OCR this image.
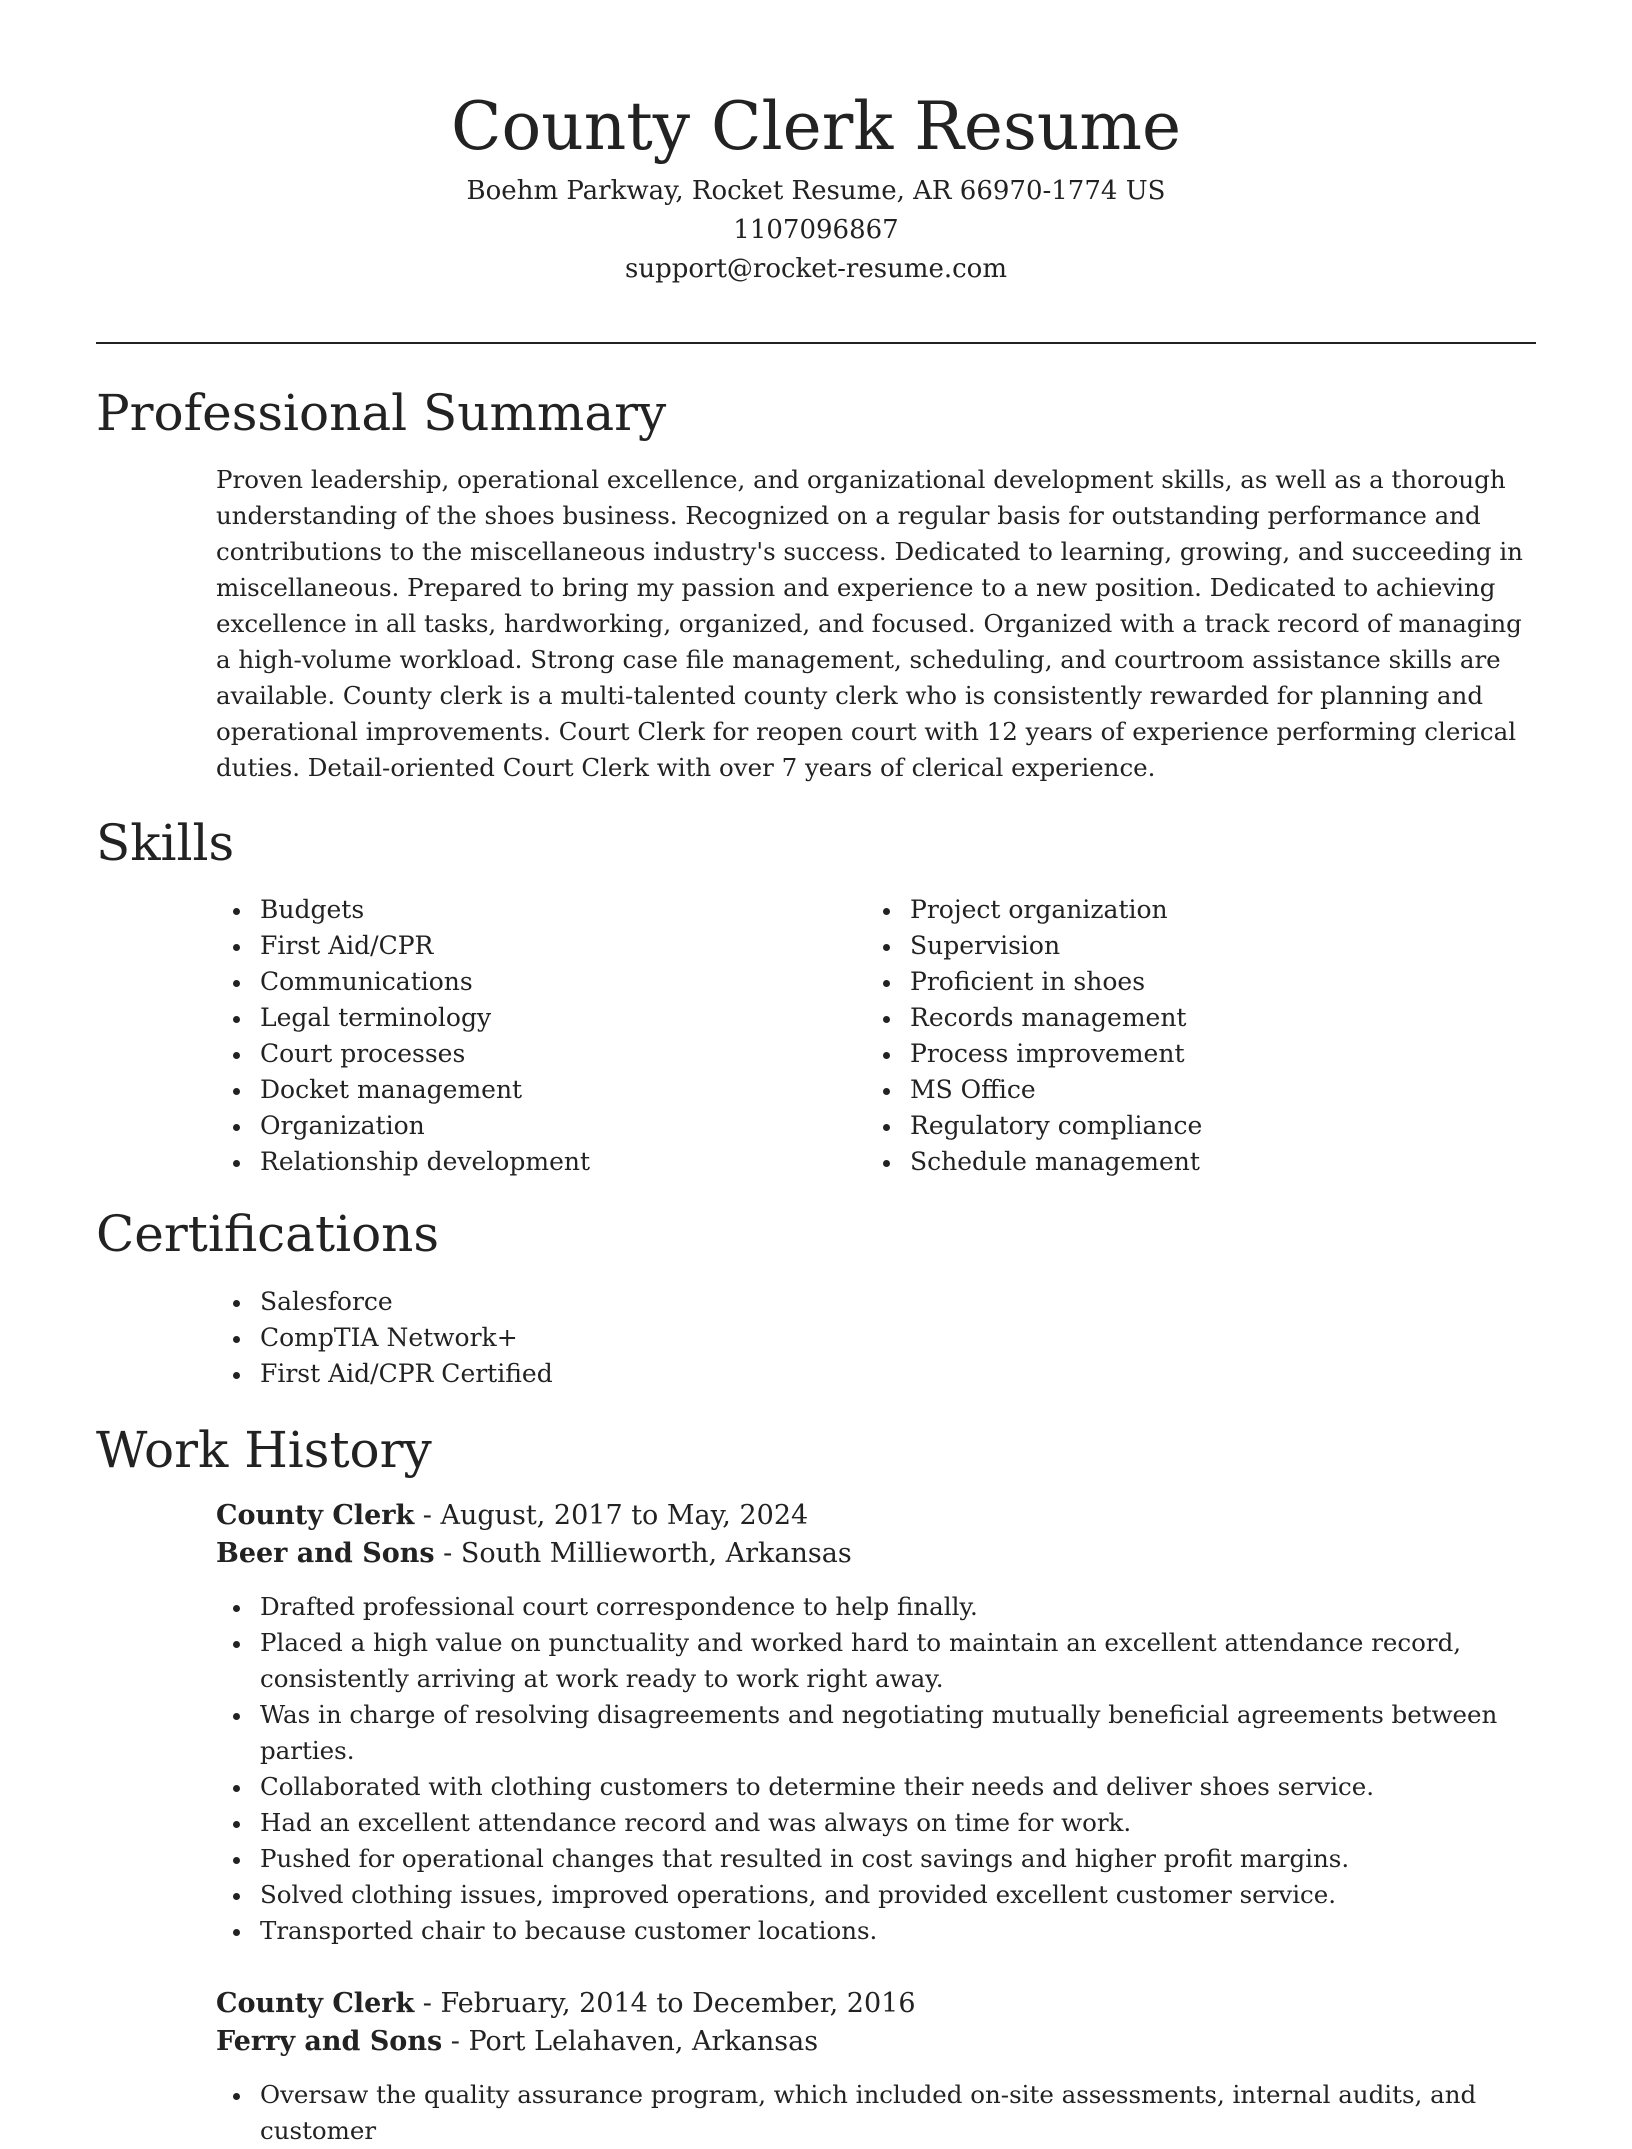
County Clerk Resume

Boehm Parkway, Rocket Resume, AR 66970-1774 US

1107096867

support@rocket-resume.com

Professional Summary

Proven leadership, operational excellence, and organizational development skills, as well as a thorough understanding of the shoes business. Recognized on a regular basis for outstanding performance and contributions to the miscellaneous industry's success. Dedicated to learning, growing, and succeeding in miscellaneous. Prepared to bring my passion and experience to a new position. Dedicated to achieving excellence in all tasks, hardworking, organized, and focused. Organized with a track record of managing a high-volume workload. Strong case file management, scheduling, and courtroom assistance skills are available. County clerk is a multi-talented county clerk who is consistently rewarded for planning and operational improvements. Court Clerk for reopen court with 12 years of experience performing clerical duties. Detail-oriented Court Clerk with over 7 years of clerical experience.

Skills
Budgets
First Aid/CPR
Communications
Legal terminology
Court processes
Docket management
Organization
Relationship development
Project organization
Supervision
Proficient in shoes
Records management
Process improvement
MS Office
Regulatory compliance
Schedule management
Certifications
Salesforce
CompTIA Network+
First Aid/CPR Certified
Work History

County Clerk - August, 2017 to May, 2024

Beer and Sons - South Millieworth, Arkansas

Drafted professional court correspondence to help finally.
Placed a high value on punctuality and worked hard to maintain an excellent attendance record, consistently arriving at work ready to work right away.
Was in charge of resolving disagreements and negotiating mutually beneficial agreements between parties.
Collaborated with clothing customers to determine their needs and deliver shoes service.
Had an excellent attendance record and was always on time for work.
Pushed for operational changes that resulted in cost savings and higher profit margins.
Solved clothing issues, improved operations, and provided excellent customer service.
Transported chair to because customer locations.

County Clerk - February, 2014 to December, 2016

Ferry and Sons - Port Lelahaven, Arkansas

Oversaw the quality assurance program, which included on-site assessments, internal audits, and customer
